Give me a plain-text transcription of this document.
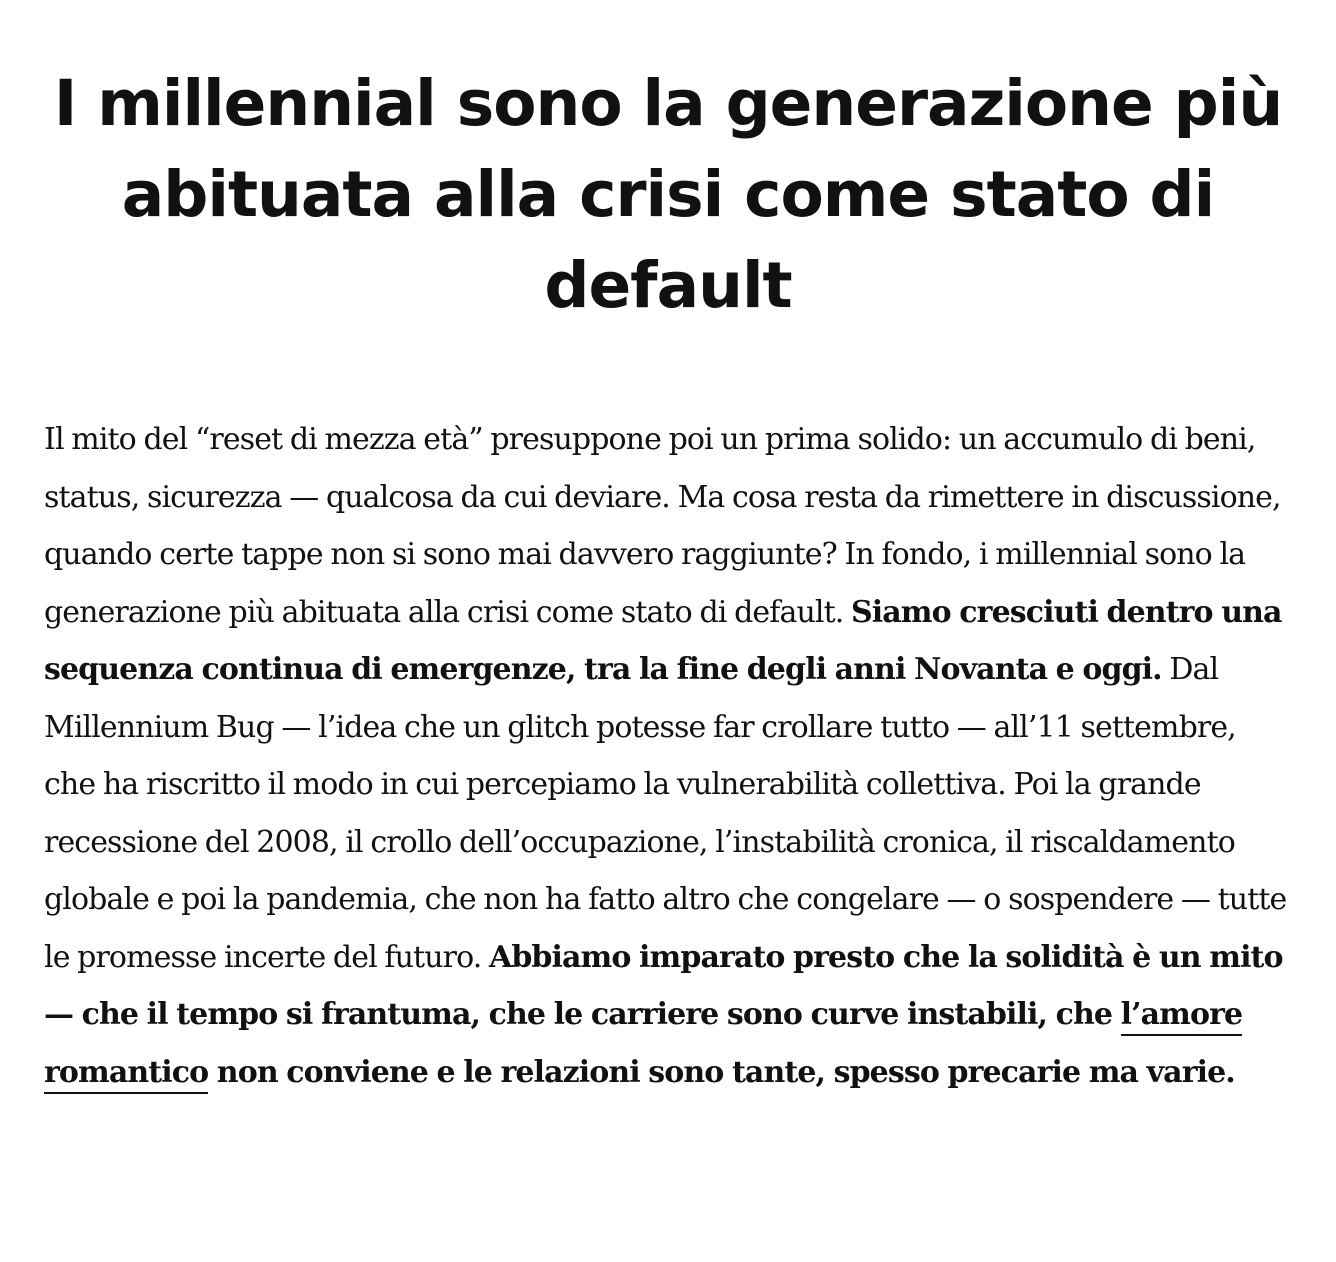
I millennial sono la generazione più
abituata alla crisi come stato di default

Il mito del “reset di mezza età” presuppone poi un prima solido: un accumulo di beni, status, sicurezza — qualcosa da cui deviare. Ma cosa resta da rimettere in discussione, quando certe tappe non si sono mai davvero raggiunte? In fondo, i millennial sono la generazione più abituata alla crisi come stato di default. Siamo cresciuti dentro una sequenza continua di emergenze, tra la fine degli anni Novanta e oggi. Dal Millennium Bug — l’idea che un glitch potesse far crollare tutto — all’11 settembre, che ha riscritto il modo in cui percepiamo la vulnerabilità collettiva. Poi la grande recessione del 2008, il crollo dell’occupazione, l’instabilità cronica, il riscaldamento globale e poi la pandemia, che non ha fatto altro che congelare — o sospendere — tutte le promesse incerte del futuro. Abbiamo imparato presto che la solidità è un mito — che il tempo si frantuma, che le carriere sono curve instabili, che l’amore romantico non conviene e le relazioni sono tante, spesso precarie ma varie.
